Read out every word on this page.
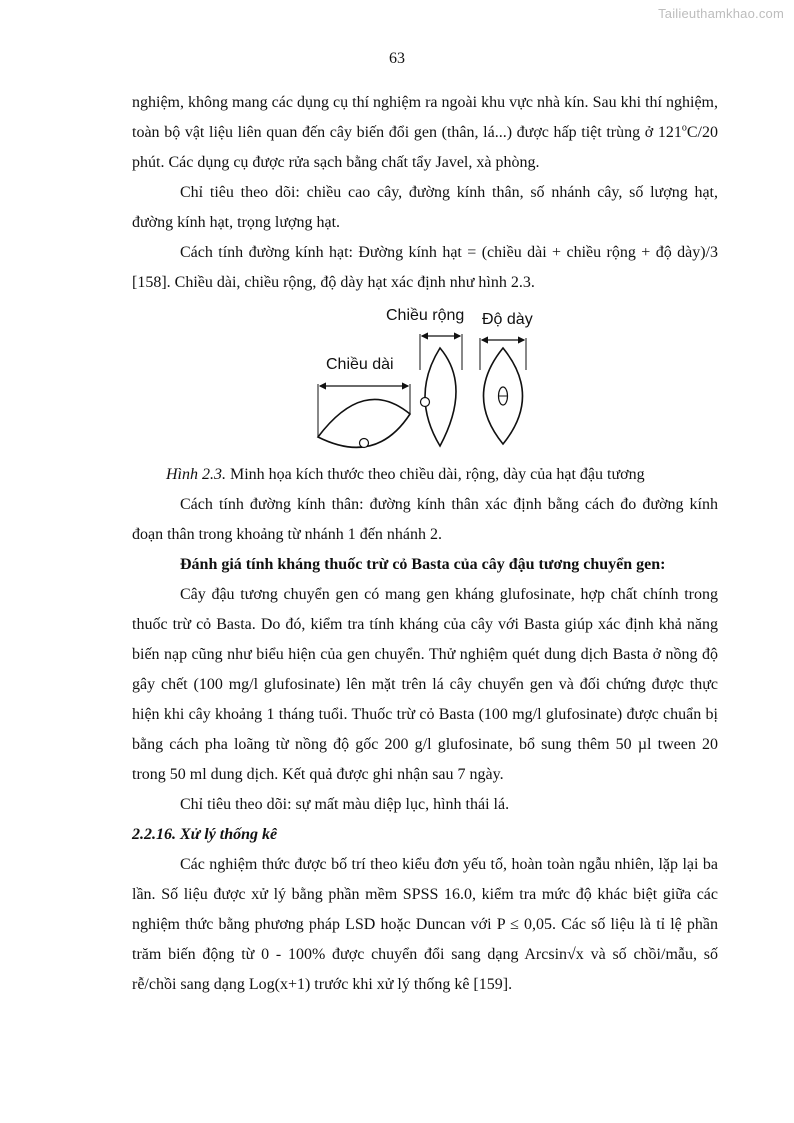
Tailieuthamkhao.com
63

nghiệm, không mang các dụng cụ thí nghiệm ra ngoài khu vực nhà kín. Sau khi thí nghiệm, toàn bộ vật liệu liên quan đến cây biến đổi gen (thân, lá...) được hấp tiệt trùng ở 121$^o$C/20 phút. Các dụng cụ được rửa sạch bằng chất tẩy Javel, xà phòng.

Chỉ tiêu theo dõi: chiều cao cây, đường kính thân, số nhánh cây, số lượng hạt, đường kính hạt, trọng lượng hạt.

Cách tính đường kính hạt: Đường kính hạt = (chiều dài + chiều rộng + độ dày)/3 [158]. Chiều dài, chiều rộng, độ dày hạt xác định như hình 2.3.

Chiều dài
Chiều rộng Độ dày

Hình 2.3. Minh họa kích thước theo chiều dài, rộng, dày của hạt đậu tương

Cách tính đường kính thân: đường kính thân xác định bằng cách đo đường kính đoạn thân trong khoảng từ nhánh 1 đến nhánh 2.

Đánh giá tính kháng thuốc trừ cỏ Basta của cây đậu tương chuyển gen:

Cây đậu tương chuyển gen có mang gen kháng glufosinate, hợp chất chính trong thuốc trừ cỏ Basta. Do đó, kiểm tra tính kháng của cây với Basta giúp xác định khả năng biến nạp cũng như biểu hiện của gen chuyển. Thử nghiệm quét dung dịch Basta ở nồng độ gây chết (100 mg/l glufosinate) lên mặt trên lá cây chuyển gen và đối chứng được thực hiện khi cây khoảng 1 tháng tuổi. Thuốc trừ cỏ Basta (100 mg/l glufosinate) được chuẩn bị bằng cách pha loãng từ nồng độ gốc 200 g/l glufosinate, bổ sung thêm 50 µl tween 20 trong 50 ml dung dịch. Kết quả được ghi nhận sau 7 ngày.

Chỉ tiêu theo dõi: sự mất màu diệp lục, hình thái lá.

2.2.16. Xử lý thống kê

Các nghiệm thức được bố trí theo kiểu đơn yếu tố, hoàn toàn ngẫu nhiên, lặp lại ba lần. Số liệu được xử lý bằng phần mềm SPSS 16.0, kiểm tra mức độ khác biệt giữa các nghiệm thức bằng phương pháp LSD hoặc Duncan với P ≤ 0,05. Các số liệu là tỉ lệ phần trăm biến động từ 0 - 100% được chuyển đổi sang dạng Arcsin√x và số chồi/mẫu, số rễ/chồi sang dạng Log(x+1) trước khi xử lý thống kê [159].
